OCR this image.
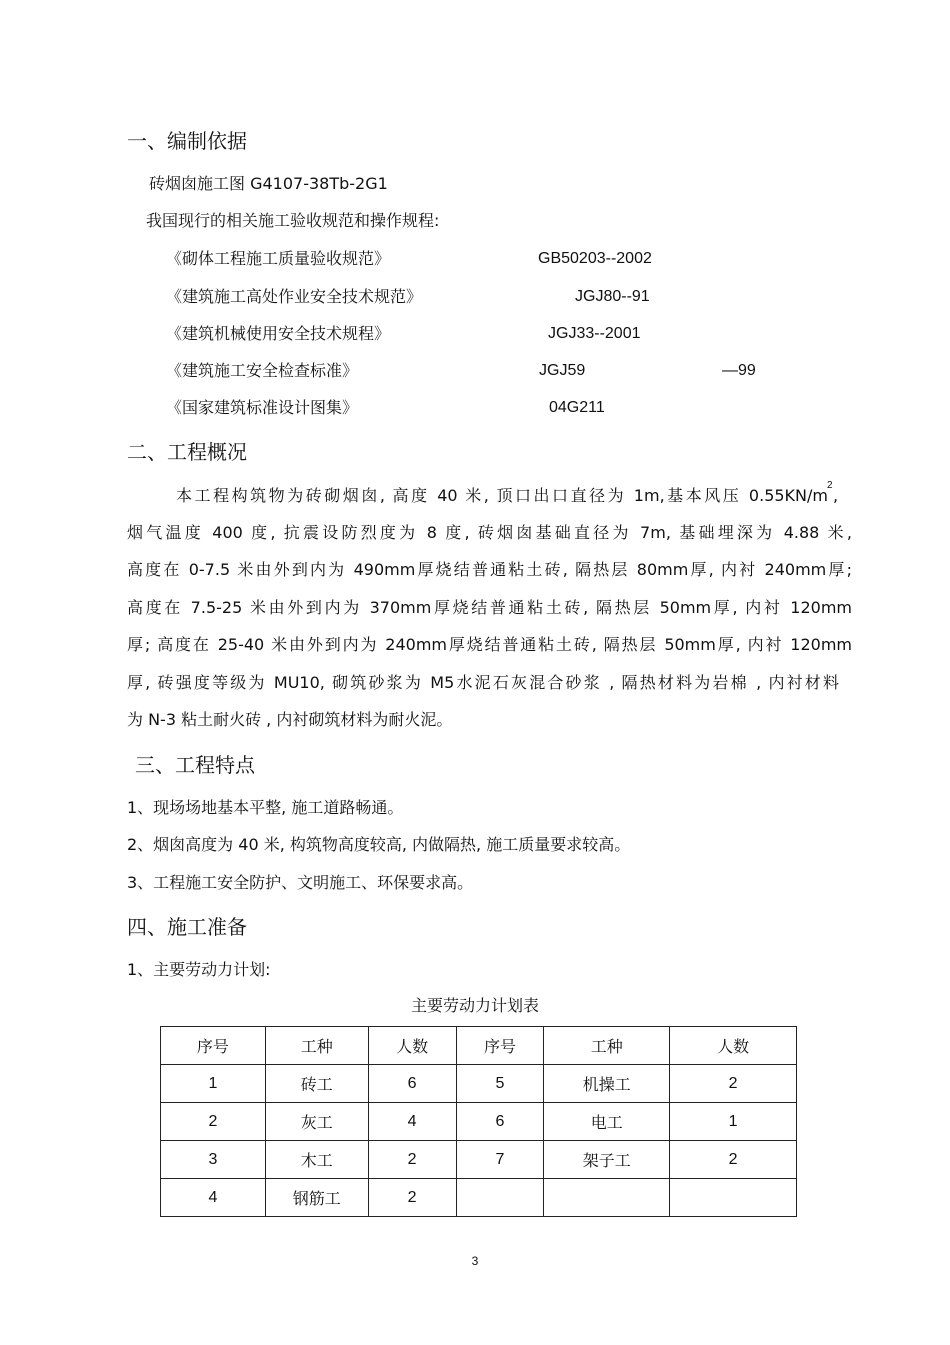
一、编制依据
砖烟囱施工图 G4107-38Tb-2G1
我国现行的相关施工验收规范和操作规程:
《砌体工程施工质量验收规范》	GB50203--2002
《建筑施工高处作业安全技术规范》	JGJ80--91
《建筑机械使用安全技术规程》	JGJ33--2001
《建筑施工安全检查标准》	JGJ59	—99
《国家建筑标准设计图集》	04G211
二、工程概况
本工程构筑物为砖砌烟囱, 高度 40 米, 顶口出口直径为 1m,基本风压 0.55KN/m
2
,
烟气温度 400 度, 抗震设防烈度为 8 度, 砖烟囱基础直径为 7m, 基础埋深为 4.88 米,
高度在 0-7.5 米由外到内为 490mm厚烧结普通粘土砖, 隔热层 80mm厚, 内衬 240mm厚;
高度在 7.5-25 米由外到内为 370mm厚烧结普通粘土砖, 隔热层 50mm厚, 内衬 120mm
厚; 高度在 25-40 米由外到内为 240mm厚烧结普通粘土砖, 隔热层 50mm厚, 内衬 120mm
厚, 砖强度等级为 MU10, 砌筑砂浆为 M5水泥石灰混合砂浆 , 隔热材料为岩棉 , 内衬材料
为 N-3 粘土耐火砖 , 内衬砌筑材料为耐火泥。
三、工程特点
1、现场场地基本平整, 施工道路畅通。
2、烟囱高度为 40 米, 构筑物高度较高, 内做隔热, 施工质量要求较高。
3、工程施工安全防护、文明施工、环保要求高。
四、施工准备
1、主要劳动力计划:
主要劳动力计划表
序号	工种	人数	序号	工种	人数
1	砖工	6	5	机操工	2
2	灰工	4	6	电工	1
3	木工	2	7	架子工	2
4	钢筋工	2			
3
